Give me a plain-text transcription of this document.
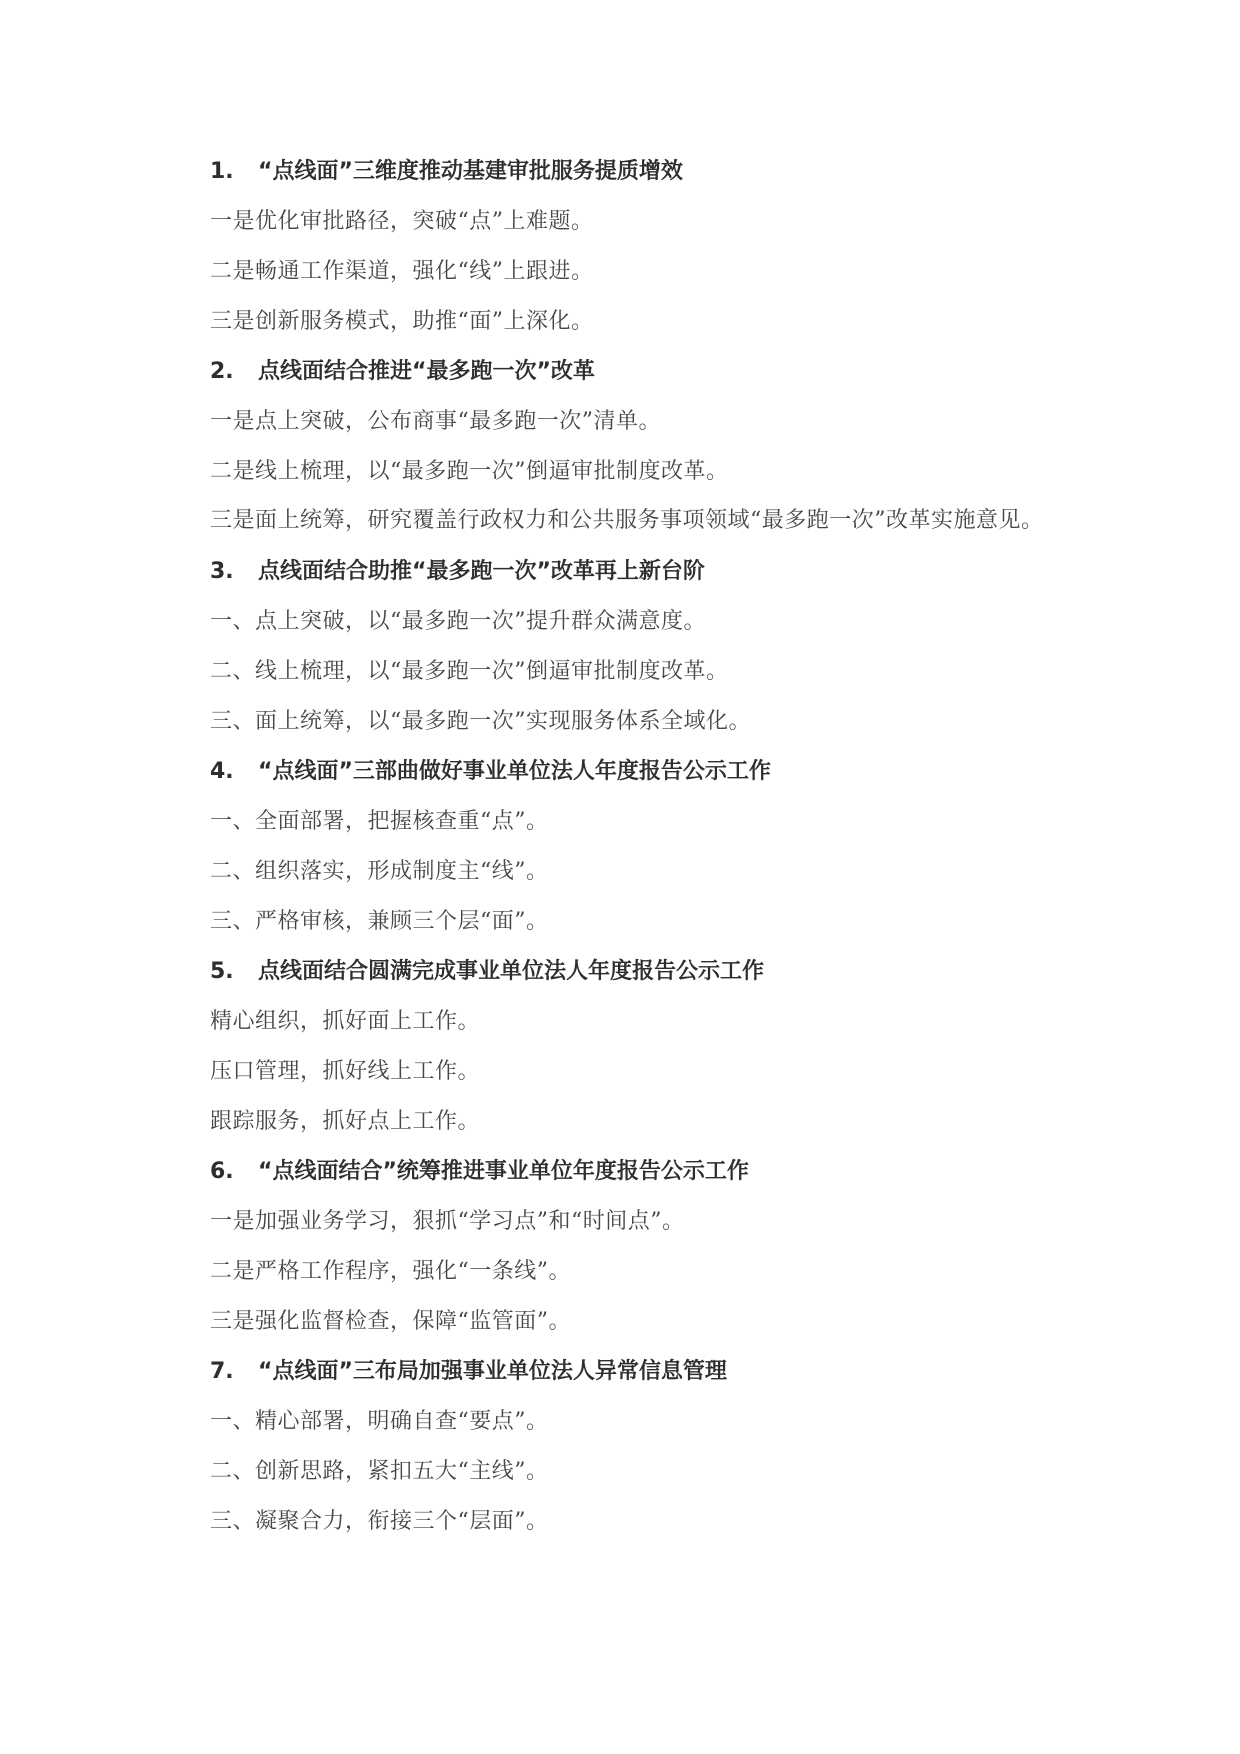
1. “点线面”三维度推动基建审批服务提质增效
一是优化审批路径，突破“点”上难题。
二是畅通工作渠道，强化“线”上跟进。
三是创新服务模式，助推“面”上深化。
2. 点线面结合推进“最多跑一次”改革
一是点上突破，公布商事“最多跑一次”清单。
二是线上梳理，以“最多跑一次”倒逼审批制度改革。
三是面上统筹，研究覆盖行政权力和公共服务事项领域“最多跑一次”改革实施意见。
3. 点线面结合助推“最多跑一次”改革再上新台阶
一、点上突破，以“最多跑一次”提升群众满意度。
二、线上梳理，以“最多跑一次”倒逼审批制度改革。
三、面上统筹，以“最多跑一次”实现服务体系全域化。
4. “点线面”三部曲做好事业单位法人年度报告公示工作
一、全面部署，把握核查重“点”。
二、组织落实，形成制度主“线”。
三、严格审核，兼顾三个层“面”。
5. 点线面结合圆满完成事业单位法人年度报告公示工作
精心组织，抓好面上工作。
压口管理，抓好线上工作。
跟踪服务，抓好点上工作。
6. “点线面结合”统筹推进事业单位年度报告公示工作
一是加强业务学习，狠抓“学习点”和“时间点”。
二是严格工作程序，强化“一条线”。
三是强化监督检查，保障“监管面”。
7. “点线面”三布局加强事业单位法人异常信息管理
一、精心部署，明确自查“要点”。
二、创新思路，紧扣五大“主线”。
三、凝聚合力，衔接三个“层面”。
